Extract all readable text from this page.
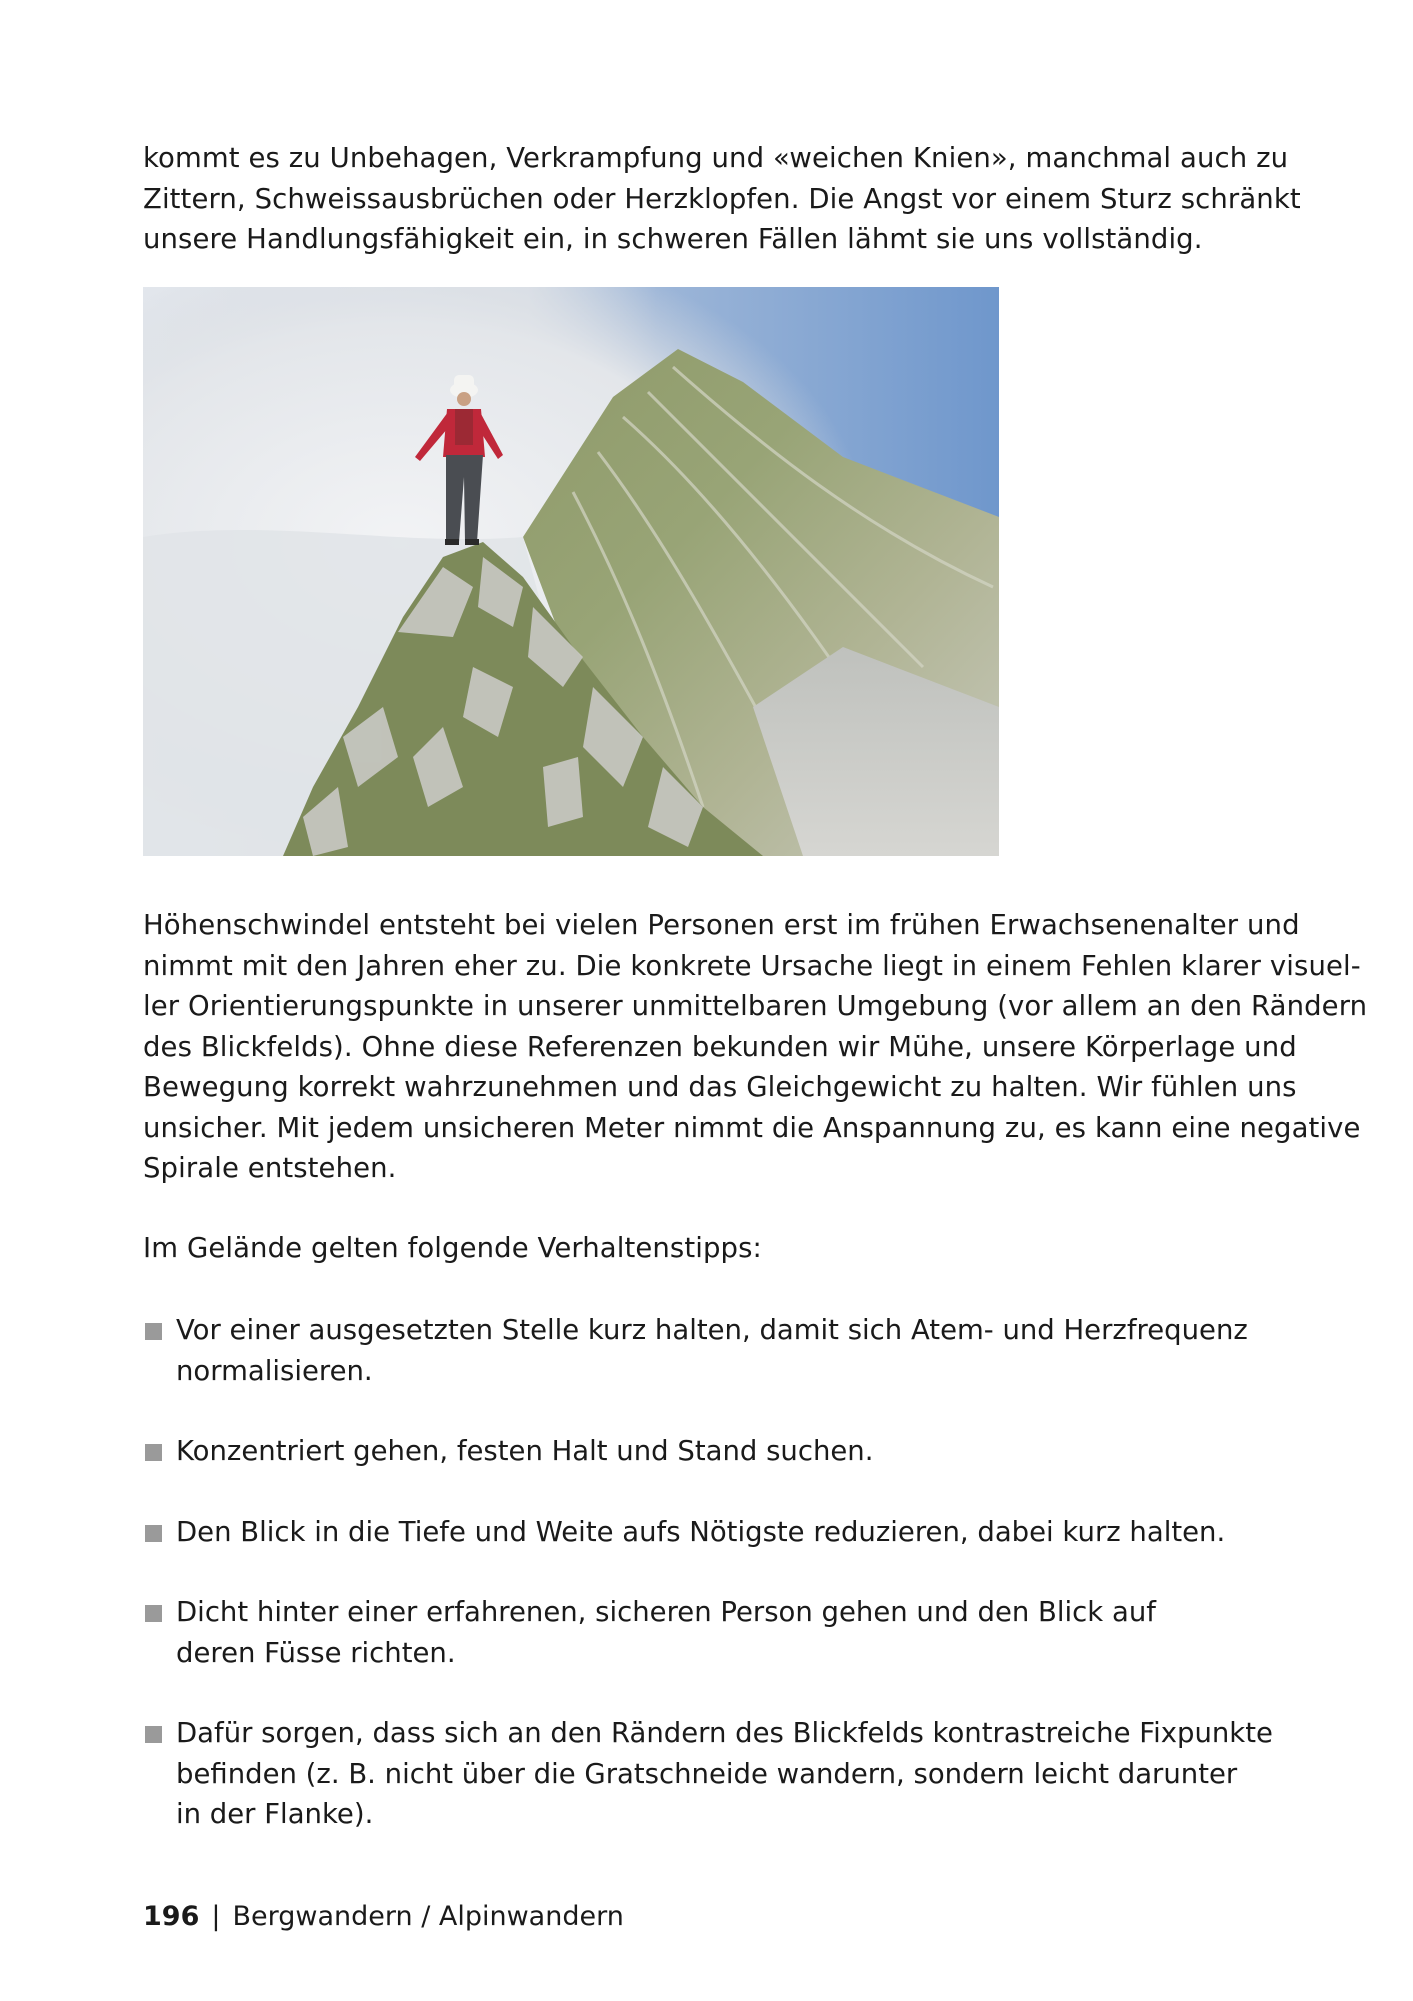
kommt es zu Unbehagen, Verkrampfung und «weichen Knien», manchmal auch zu
Zittern, Schweissausbrüchen oder Herzklopfen. Die Angst vor einem Sturz schränkt
unsere Handlungsfähigkeit ein, in schweren Fällen lähmt sie uns vollständig.
Höhenschwindel entsteht bei vielen Personen erst im frühen Erwachsenenalter und
nimmt mit den Jahren eher zu. Die konkrete Ursache liegt in einem Fehlen klarer visuel-
ler Orientierungspunkte in unserer unmittelbaren Umgebung (vor allem an den Rändern
des Blickfelds). Ohne diese Referenzen bekunden wir Mühe, unsere Körperlage und
Bewegung korrekt wahrzunehmen und das Gleichgewicht zu halten. Wir fühlen uns
unsicher. Mit jedem unsicheren Meter nimmt die Anspannung zu, es kann eine negative
Spirale entstehen.

Im Gelände gelten folgende Verhaltenstipps:

Vor einer ausgesetzten Stelle kurz halten, damit sich Atem- und Herzfrequenz
normalisieren.
Konzentriert gehen, festen Halt und Stand suchen.
Den Blick in die Tiefe und Weite aufs Nötigste reduzieren, dabei kurz halten.
Dicht hinter einer erfahrenen, sicheren Person gehen und den Blick auf
deren Füsse richten.
Dafür sorgen, dass sich an den Rändern des Blickfelds kontrastreiche Fixpunkte
befinden (z. B. nicht über die Gratschneide wandern, sondern leicht darunter
in der Flanke).
196 | Bergwandern / Alpinwandern
